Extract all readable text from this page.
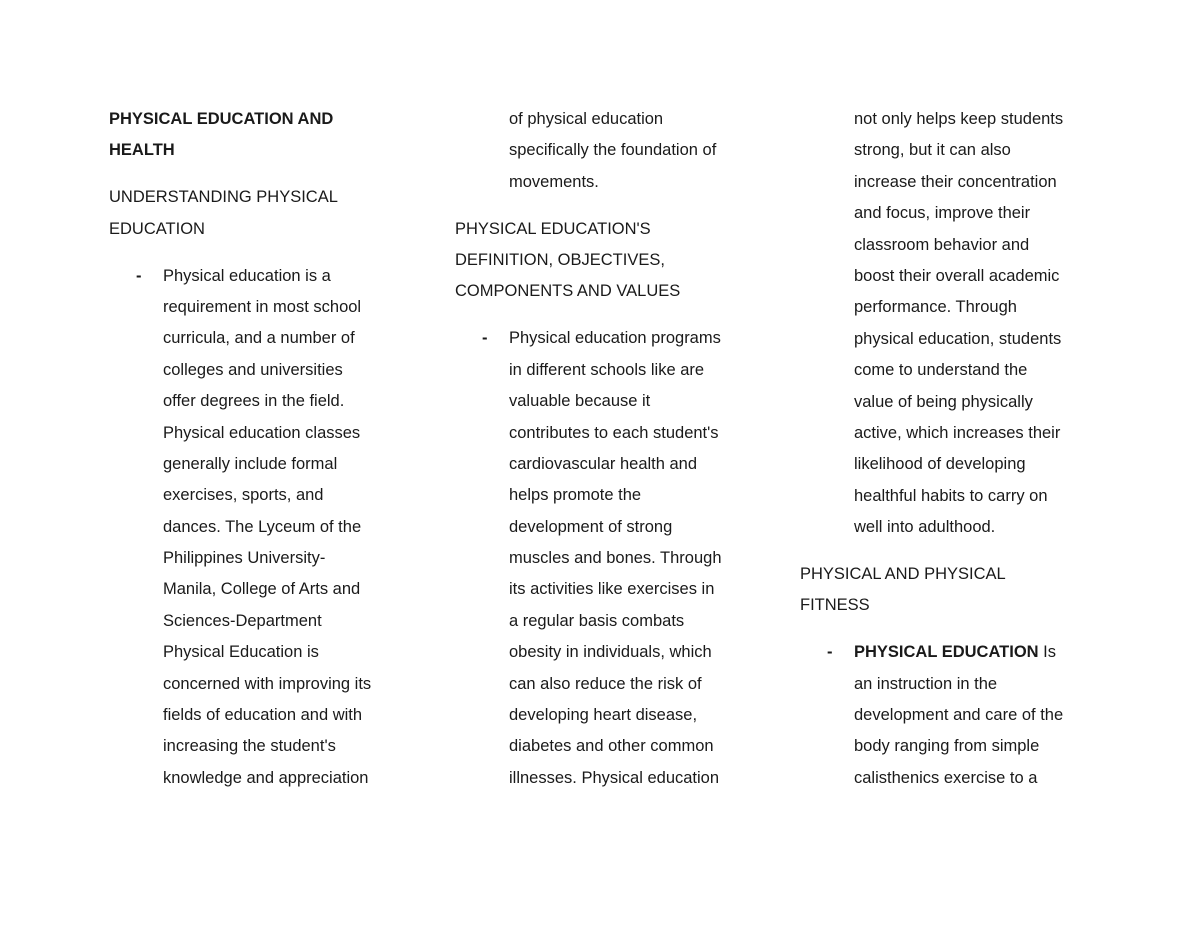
PHYSICAL EDUCATION AND
HEALTH
UNDERSTANDING PHYSICAL
EDUCATION
- Physical education is a
requirement in most school
curricula, and a number of
colleges and universities
offer degrees in the field.
Physical education classes
generally include formal
exercises, sports, and
dances. The Lyceum of the
Philippines University-
Manila, College of Arts and
Sciences-Department
Physical Education is
concerned with improving its
fields of education and with
increasing the student's
knowledge and appreciation
of physical education
specifically the foundation of
movements.
PHYSICAL EDUCATION'S
DEFINITION, OBJECTIVES,
COMPONENTS AND VALUES
- Physical education programs
in different schools like are
valuable because it
contributes to each student's
cardiovascular health and
helps promote the
development of strong
muscles and bones. Through
its activities like exercises in
a regular basis combats
obesity in individuals, which
can also reduce the risk of
developing heart disease,
diabetes and other common
illnesses. Physical education
not only helps keep students
strong, but it can also
increase their concentration
and focus, improve their
classroom behavior and
boost their overall academic
performance. Through
physical education, students
come to understand the
value of being physically
active, which increases their
likelihood of developing
healthful habits to carry on
well into adulthood.
PHYSICAL AND PHYSICAL
FITNESS
- PHYSICAL EDUCATION Is
an instruction in the
development and care of the
body ranging from simple
calisthenics exercise to a
